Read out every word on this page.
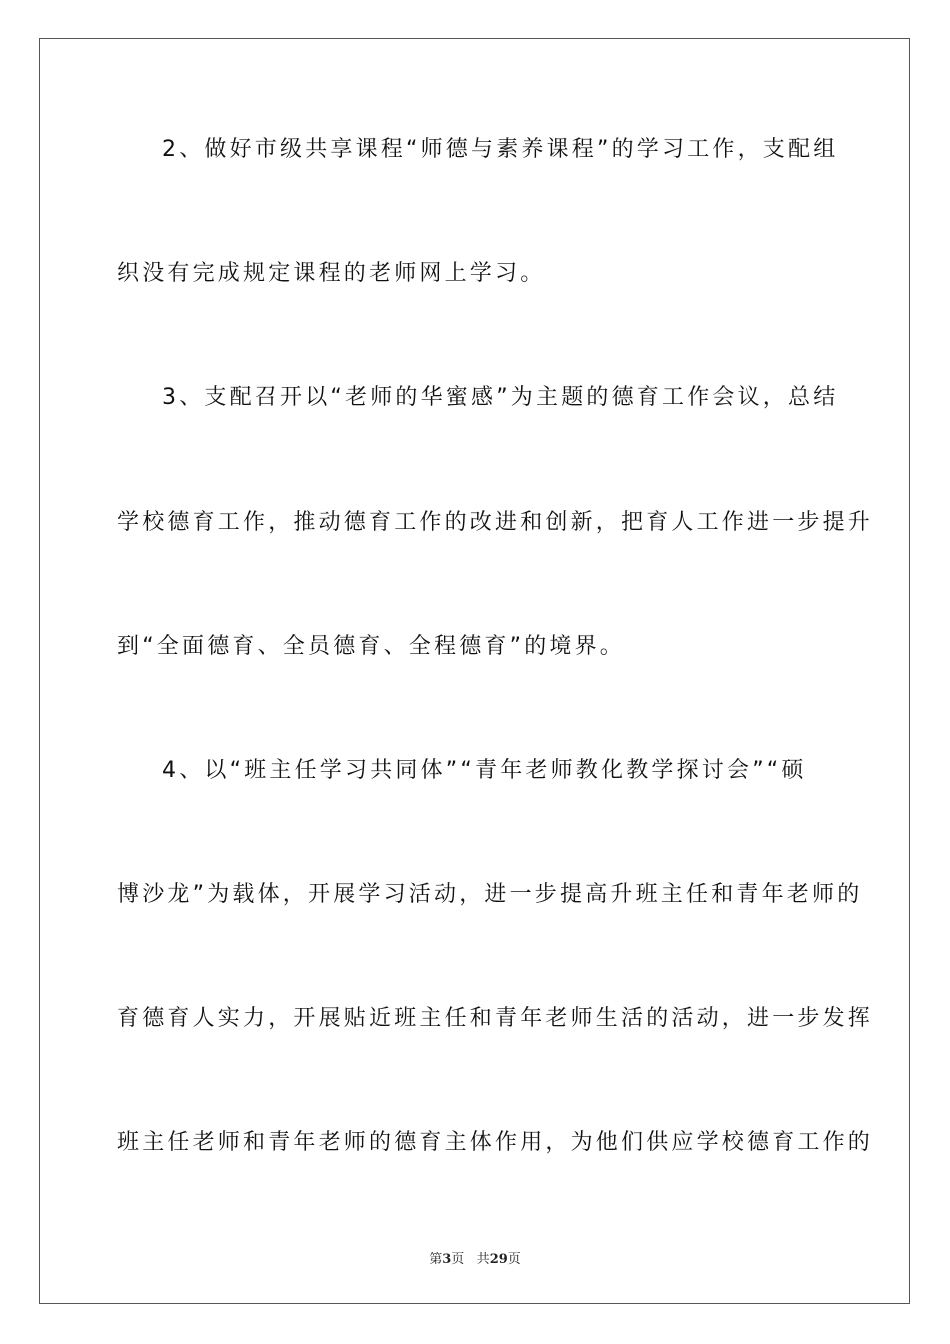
2、做好市级共享课程“师德与素养课程”的学习工作，支配组
织没有完成规定课程的老师网上学习。
3、支配召开以“老师的华蜜感”为主题的德育工作会议，总结
学校德育工作，推动德育工作的改进和创新，把育人工作进一步提升
到“全面德育、全员德育、全程德育”的境界。
4、以“班主任学习共同体”“青年老师教化教学探讨会”“硕
博沙龙”为载体，开展学习活动，进一步提高升班主任和青年老师的
育德育人实力，开展贴近班主任和青年老师生活的活动，进一步发挥
班主任老师和青年老师的德育主体作用，为他们供应学校德育工作的
第3页 共29页
